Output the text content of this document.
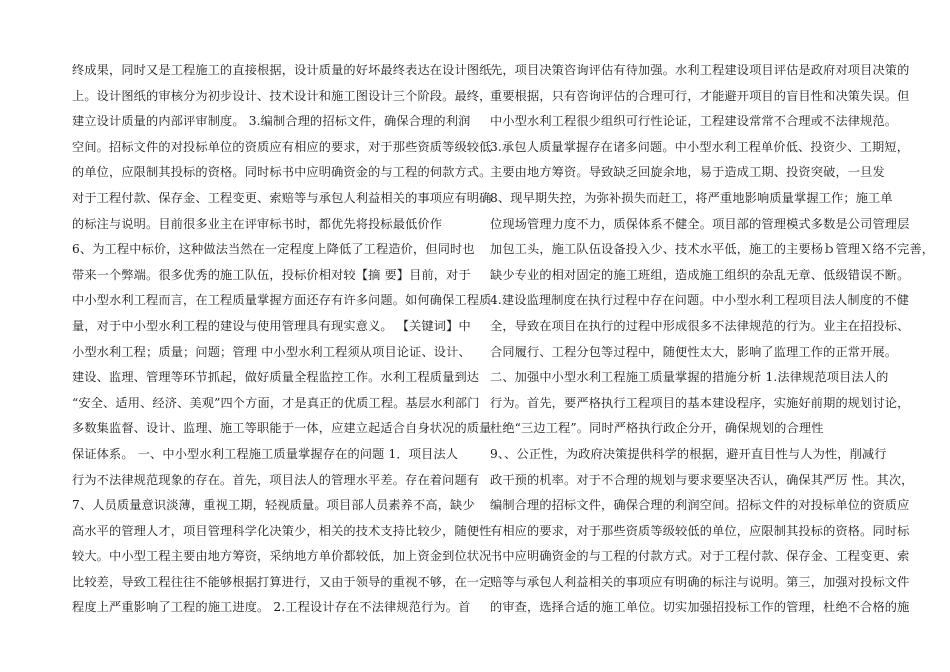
终成果，同时又是工程施工的直接根据，设计质量的好坏最终表达在设计图纸
上。设计图纸的审核分为初步设计、技术设计和施工图设计三个阶段。最终，
建立设计质量的内部评审制度。 3.编制合理的招标文件，确保合理的利润
空间。招标文件的对投标单位的资质应有相应的要求，对于那些资质等级较低
的单位，应限制其投标的资格。同时标书中应明确资金的与工程的伺款方式。
对于工程付款、保存金、工程变更、索赔等与承包人利益相关的事项应有明确
的标注与说明。目前很多业主在评审标书时，都优先将投标最低价作
6、为工程中标价，这种做法当然在一定程度上降低了工程造价，但同时也
带来一个弊端。很多优秀的施工队伍，投标价相对较【摘 要】目前，对于
中小型水利工程而言，在工程质量掌握方面还存有许多问题。如何确保工程质
量，对于中小型水利工程的建设与使用管理具有现实意义。 【关键词】中
小型水利工程；质量；问题；管理 中小型水利工程须从项目论证、设计、
建设、监理、管理等环节抓起，做好质量全程监控工作。水利工程质量到达
“安全、适用、经济、美观”四个方面，才是真正的优质工程。基层水利部门
多数集监督、设计、监理、施工等职能于一体，应建立起适合自身状况的质量
保证体系。 一、中小型水利工程施工质量掌握存在的问题 1．项目法人
行为不法律规范现象的存在。首先，项目法人的管理水平差。存在着问题有
7、人员质量意识淡薄，重视工期，轻视质量。项目部人员素养不高，缺少
高水平的管理人才，项目管理科学化决策少，相关的技术支持比较少，随便性
较大。中小型工程主要由地方筹资，采纳地方单价都较低，加上资金到位状况
比较差，导致工程往往不能够根据打算进行，又由于领导的重视不够，在一定
程度上严重影响了工程的施工进度。 2.工程设计存在不法律规范行为。首
先，项目决策咨询评估有待加强。水利工程建设项目评估是政府对项目决策的
重要根据，只有咨询评估的合理可行，才能避开项目的盲目性和决策失误。但
中小型水利工程很少组织可行性论证，工程建设常常不合理或不法律规范。
3.承包人质量掌握存在诸多问题。中小型水利工程单价低、投资少、工期短，
主要由地方筹资。导致缺乏回旋余地，易于造成工期、投资突破，一旦发
8、现早期失控，为弥补损失而赶工，将严重地影响质量掌握工作；施工单
位现场管理力度不力，质保体系不健全。项目部的管理模式多数是公司管理层
加包工头，施工队伍设备投入少、技术水平低，施工的主要杨ｂ管理Ｘ络不完善，
缺少专业的相对固定的施工班组，造成施工组织的杂乱无章、低级错误不断。
4.建设监理制度在执行过程中存在问题。中小型水利工程项目法人制度的不健
全，导致在项目在执行的过程中形成很多不法律规范的行为。业主在招投标、
合同履行、工程分包等过程中，随便性太大，影响了监理工作的正常开展。
二、加强中小型水利工程施工质量掌握的措施分析 1.法律规范项目法人的
行为。首先，要严格执行工程项目的基本建设程序，实施好前期的规划讨论，
杜绝“三边工程”。同时严格执行政企分开，确保规划的合理性
9、、公正性，为政府决策提供科学的根据，避开直目性与人为性，削减行
政干预的机率。对于不合理的规划与要求要坚决否认，确保其严厉 性。其次，
编制合理的招标文件，确保合理的利润空间。招标文件的对投标单位的资质应
有相应的要求，对于那些资质等级较低的单位，应限制其投标的资格。同时标
书中应明确资金的与工程的付款方式。对于工程付款、保存金、工程变更、索
赔等与承包人利益相关的事项应有明确的标注与说明。第三，加强对投标文件
的审查，选择合适的施工单位。切实加强招投标工作的管理，杜绝不合格的施
